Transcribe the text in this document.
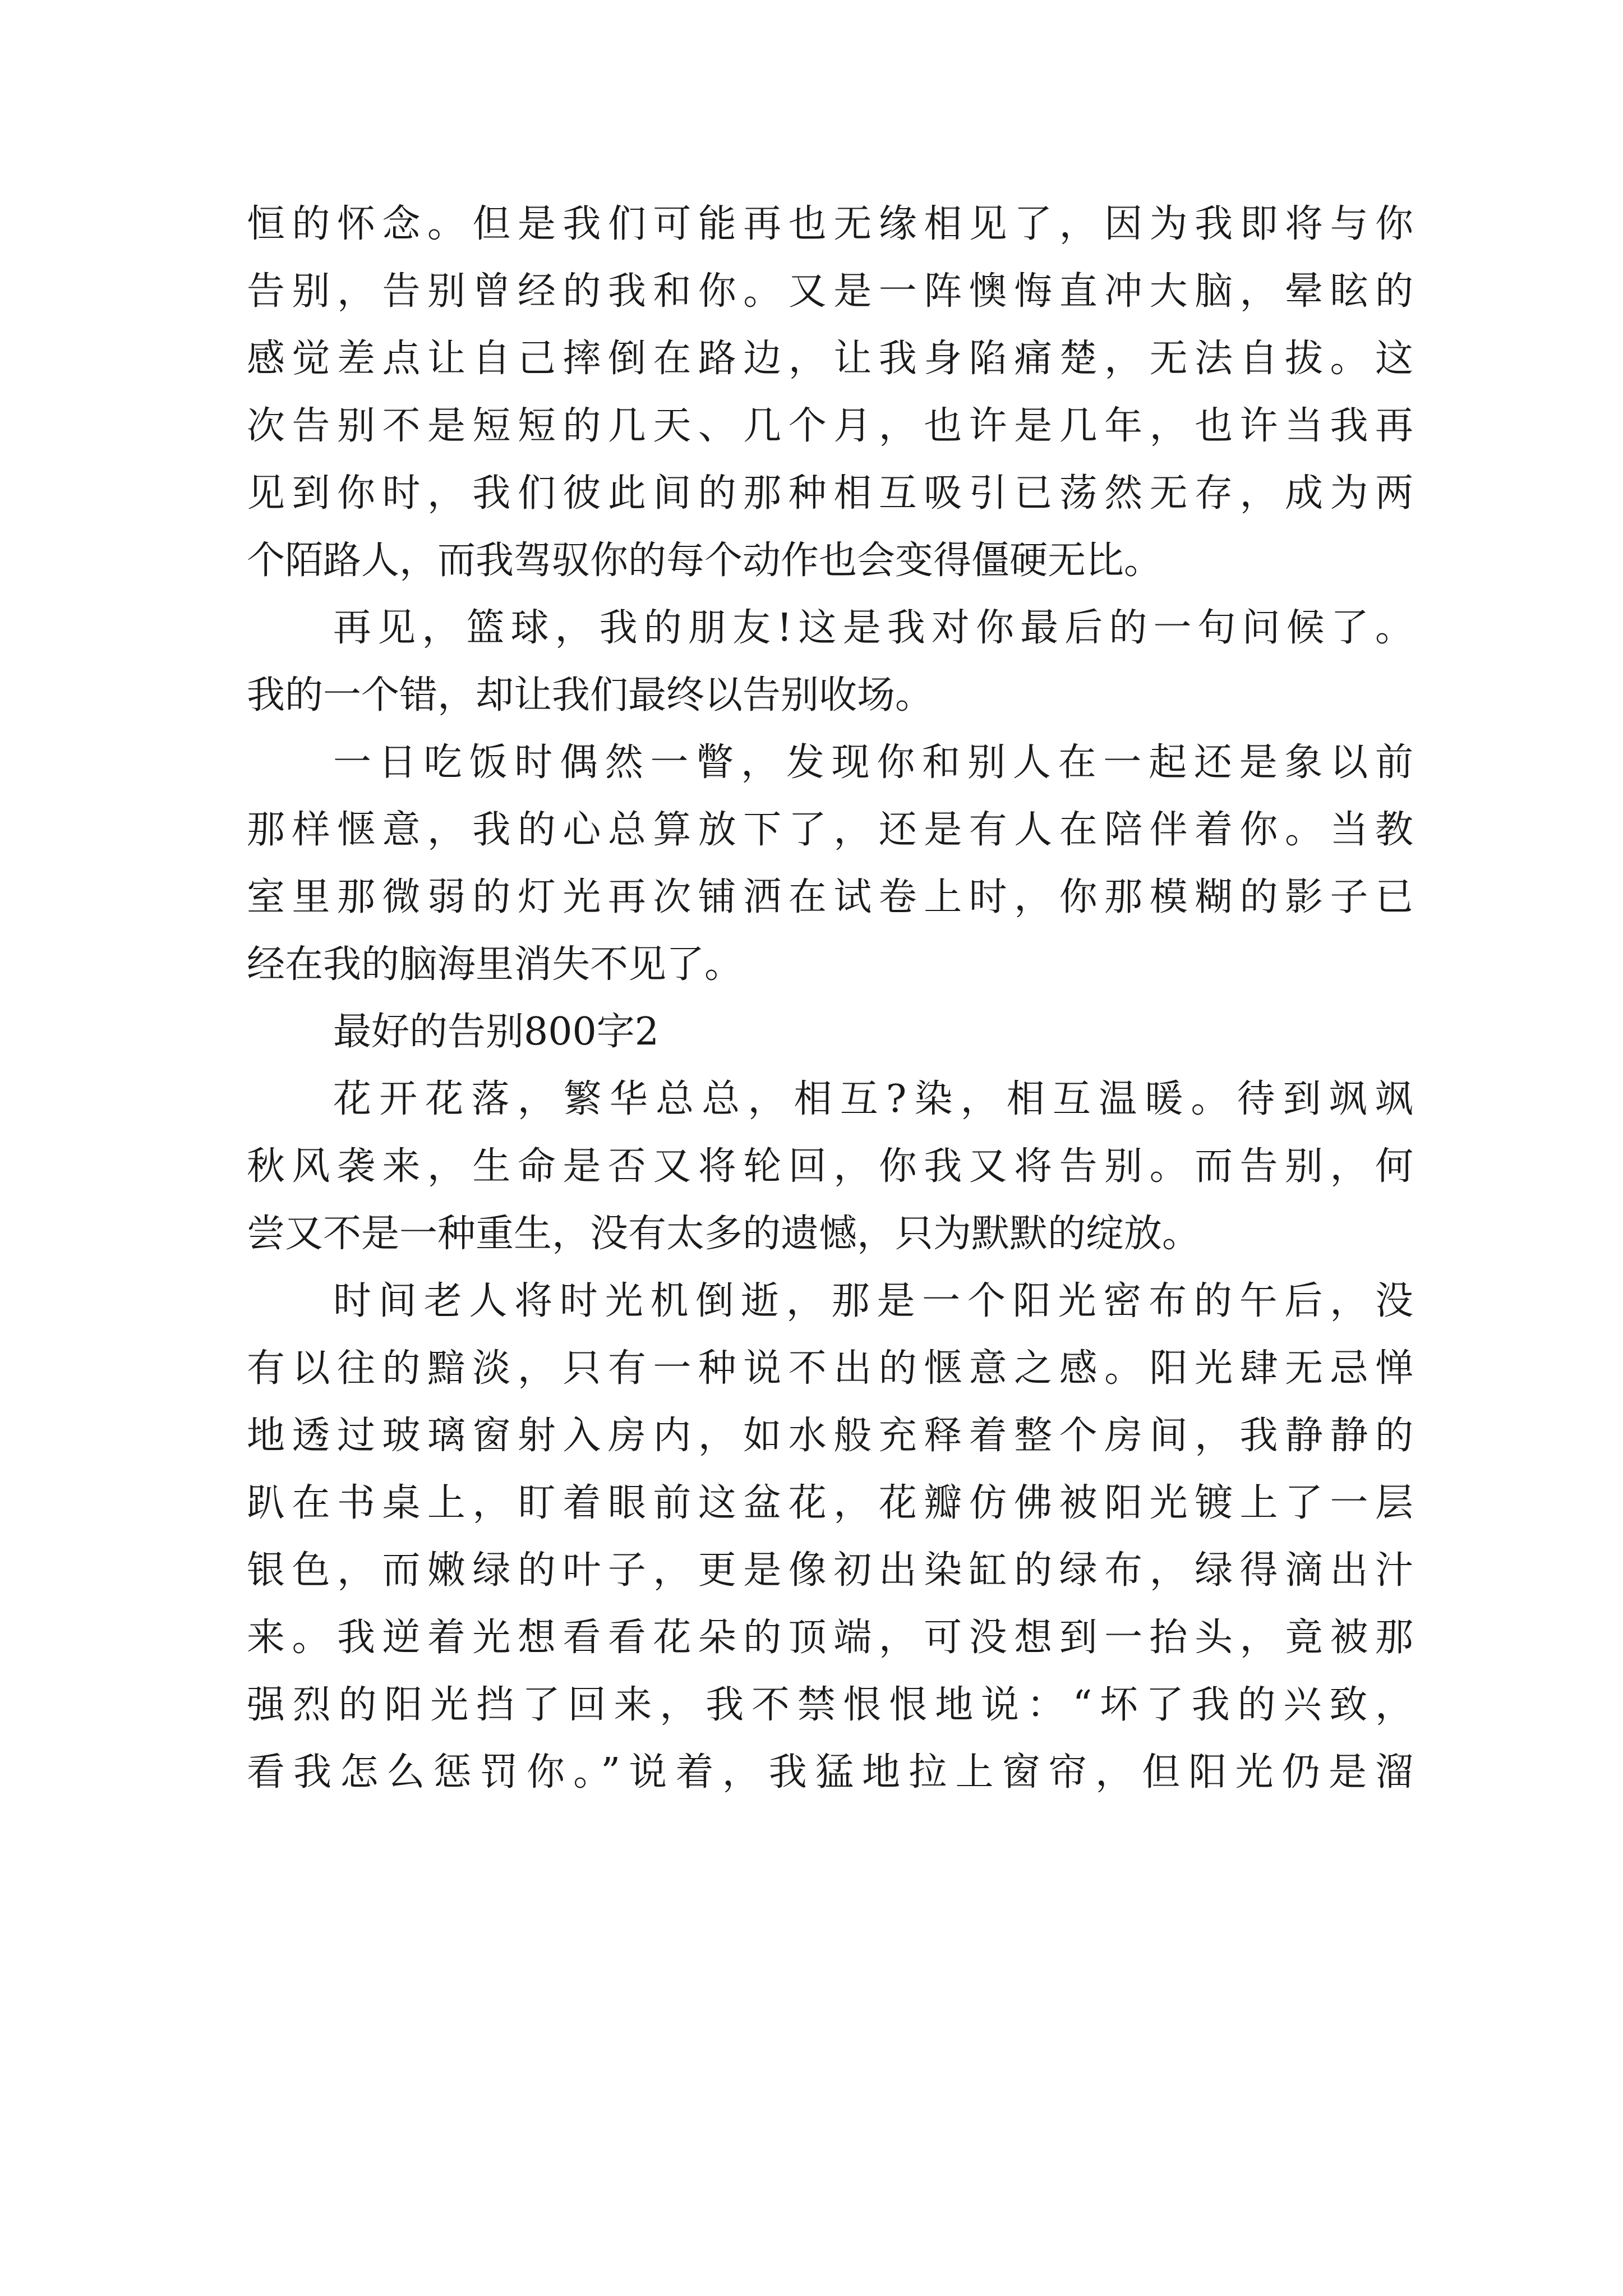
恒的怀念。但是我们可能再也无缘相见了，因为我即将与你
告别，告别曾经的我和你。又是一阵懊悔直冲大脑，晕眩的
感觉差点让自己摔倒在路边，让我身陷痛楚，无法自拔。这
次告别不是短短的几天、几个月，也许是几年，也许当我再
见到你时，我们彼此间的那种相互吸引已荡然无存，成为两
个陌路人，而我驾驭你的每个动作也会变得僵硬无比。
再见，篮球，我的朋友!这是我对你最后的一句问候了。
我的一个错，却让我们最终以告别收场。
一日吃饭时偶然一瞥，发现你和别人在一起还是象以前
那样惬意，我的心总算放下了，还是有人在陪伴着你。当教
室里那微弱的灯光再次铺洒在试卷上时，你那模糊的影子已
经在我的脑海里消失不见了。
最好的告别800字2
花开花落，繁华总总，相互?染，相互温暖。待到飒飒
秋风袭来，生命是否又将轮回，你我又将告别。而告别，何
尝又不是一种重生，没有太多的遗憾，只为默默的绽放。
时间老人将时光机倒逝，那是一个阳光密布的午后，没
有以往的黯淡，只有一种说不出的惬意之感。阳光肆无忌惮
地透过玻璃窗射入房内，如水般充释着整个房间，我静静的
趴在书桌上，盯着眼前这盆花，花瓣仿佛被阳光镀上了一层
银色，而嫩绿的叶子，更是像初出染缸的绿布，绿得滴出汁
来。我逆着光想看看花朵的顶端，可没想到一抬头，竟被那
强烈的阳光挡了回来，我不禁恨恨地说：“坏了我的兴致，
看我怎么惩罚你。”说着，我猛地拉上窗帘，但阳光仍是溜
